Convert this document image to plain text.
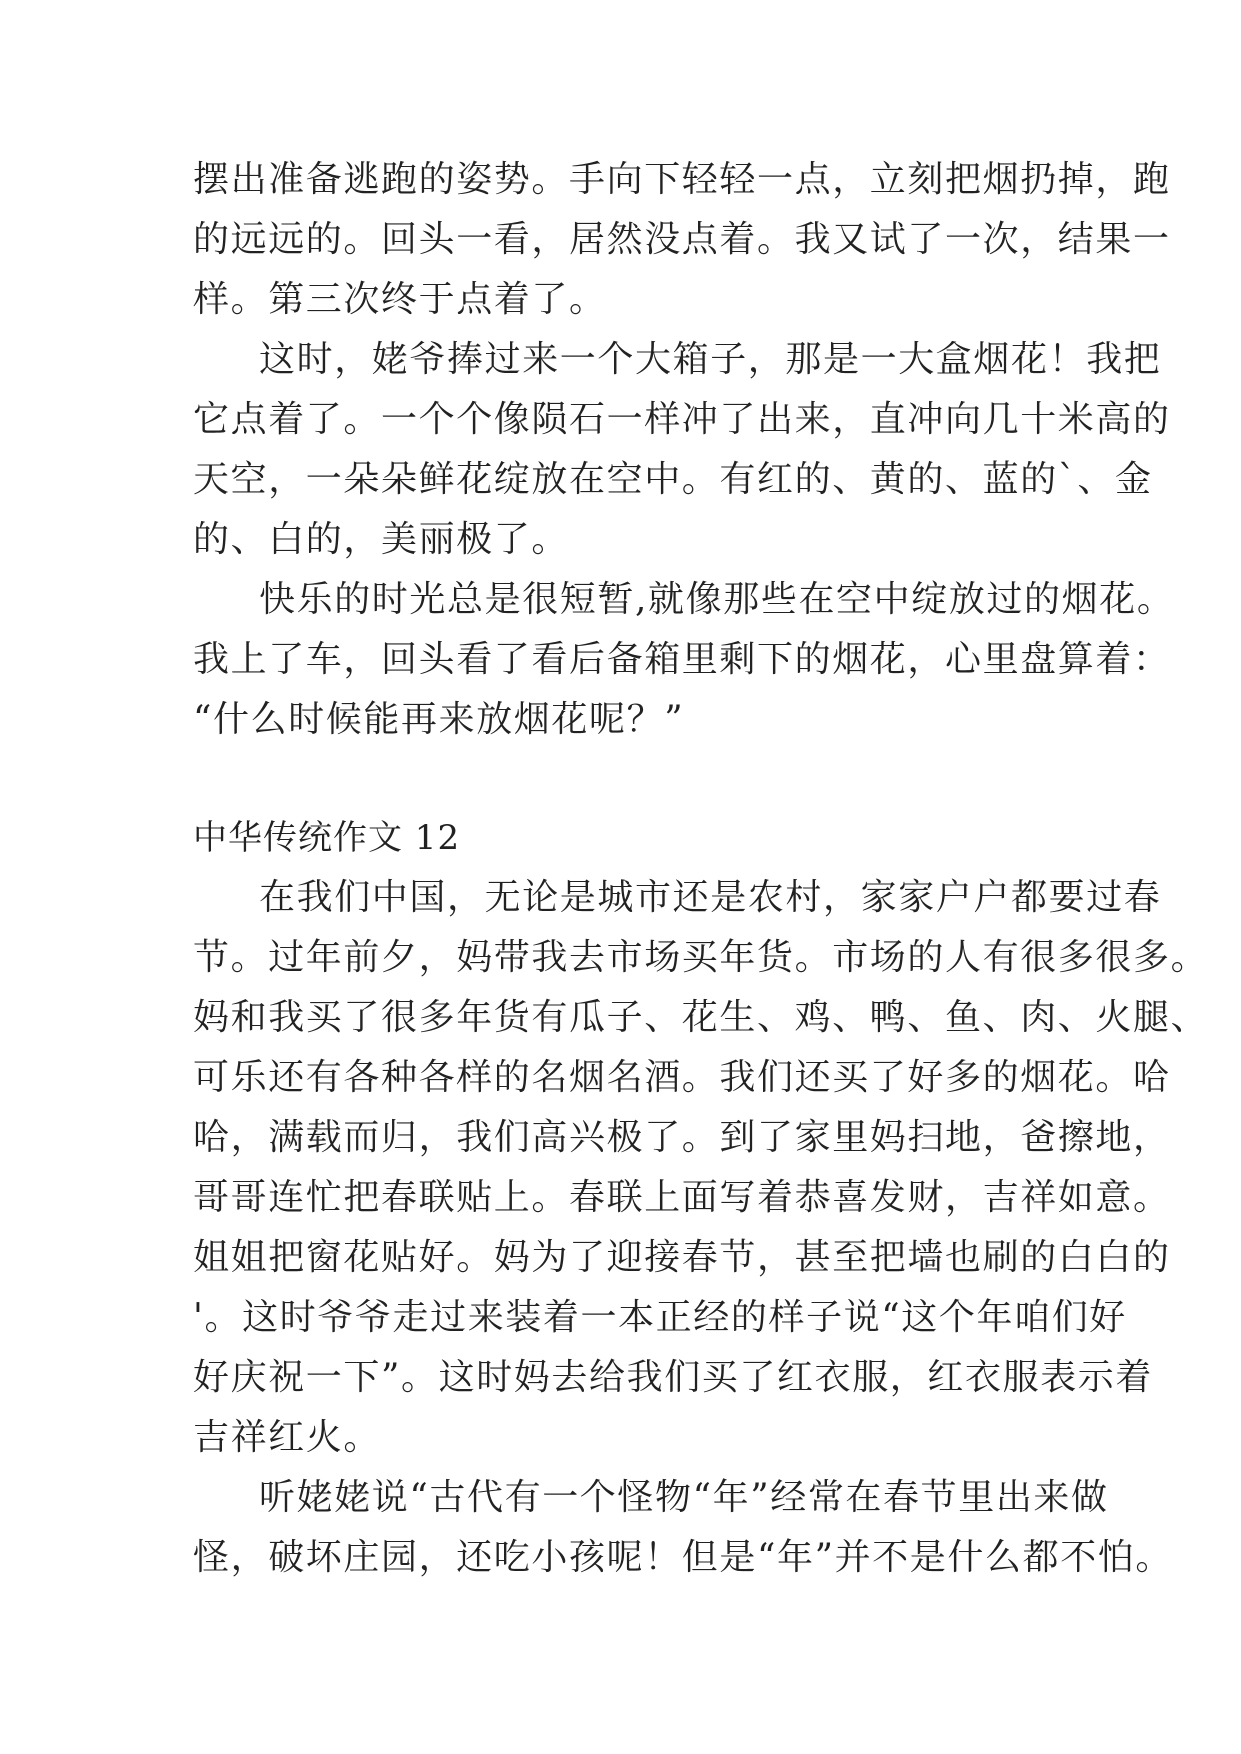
摆出准备逃跑的姿势。手向下轻轻一点，立刻把烟扔掉，跑
的远远的。回头一看，居然没点着。我又试了一次，结果一
样。第三次终于点着了。
这时，姥爷捧过来一个大箱子，那是一大盒烟花！我把
它点着了。一个个像陨石一样冲了出来，直冲向几十米高的
天空，一朵朵鲜花绽放在空中。有红的、黄的、蓝的`、金
的、白的，美丽极了。
快乐的时光总是很短暂,就像那些在空中绽放过的烟花。
我上了车，回头看了看后备箱里剩下的烟花，心里盘算着：
“什么时候能再来放烟花呢？”
中华传统作文 12
在我们中国，无论是城市还是农村，家家户户都要过春
节。过年前夕，妈带我去市场买年货。市场的人有很多很多。
妈和我买了很多年货有瓜子、花生、鸡、鸭、鱼、肉、火腿、
可乐还有各种各样的名烟名酒。我们还买了好多的烟花。哈
哈，满载而归，我们高兴极了。到了家里妈扫地，爸擦地，
哥哥连忙把春联贴上。春联上面写着恭喜发财，吉祥如意。
姐姐把窗花贴好。妈为了迎接春节，甚至把墙也刷的白白的
'。这时爷爷走过来装着一本正经的样子说“这个年咱们好
好庆祝一下”。这时妈去给我们买了红衣服，红衣服表示着
吉祥红火。
听姥姥说“古代有一个怪物“年”经常在春节里出来做
怪，破坏庄园，还吃小孩呢！但是“年”并不是什么都不怕。
